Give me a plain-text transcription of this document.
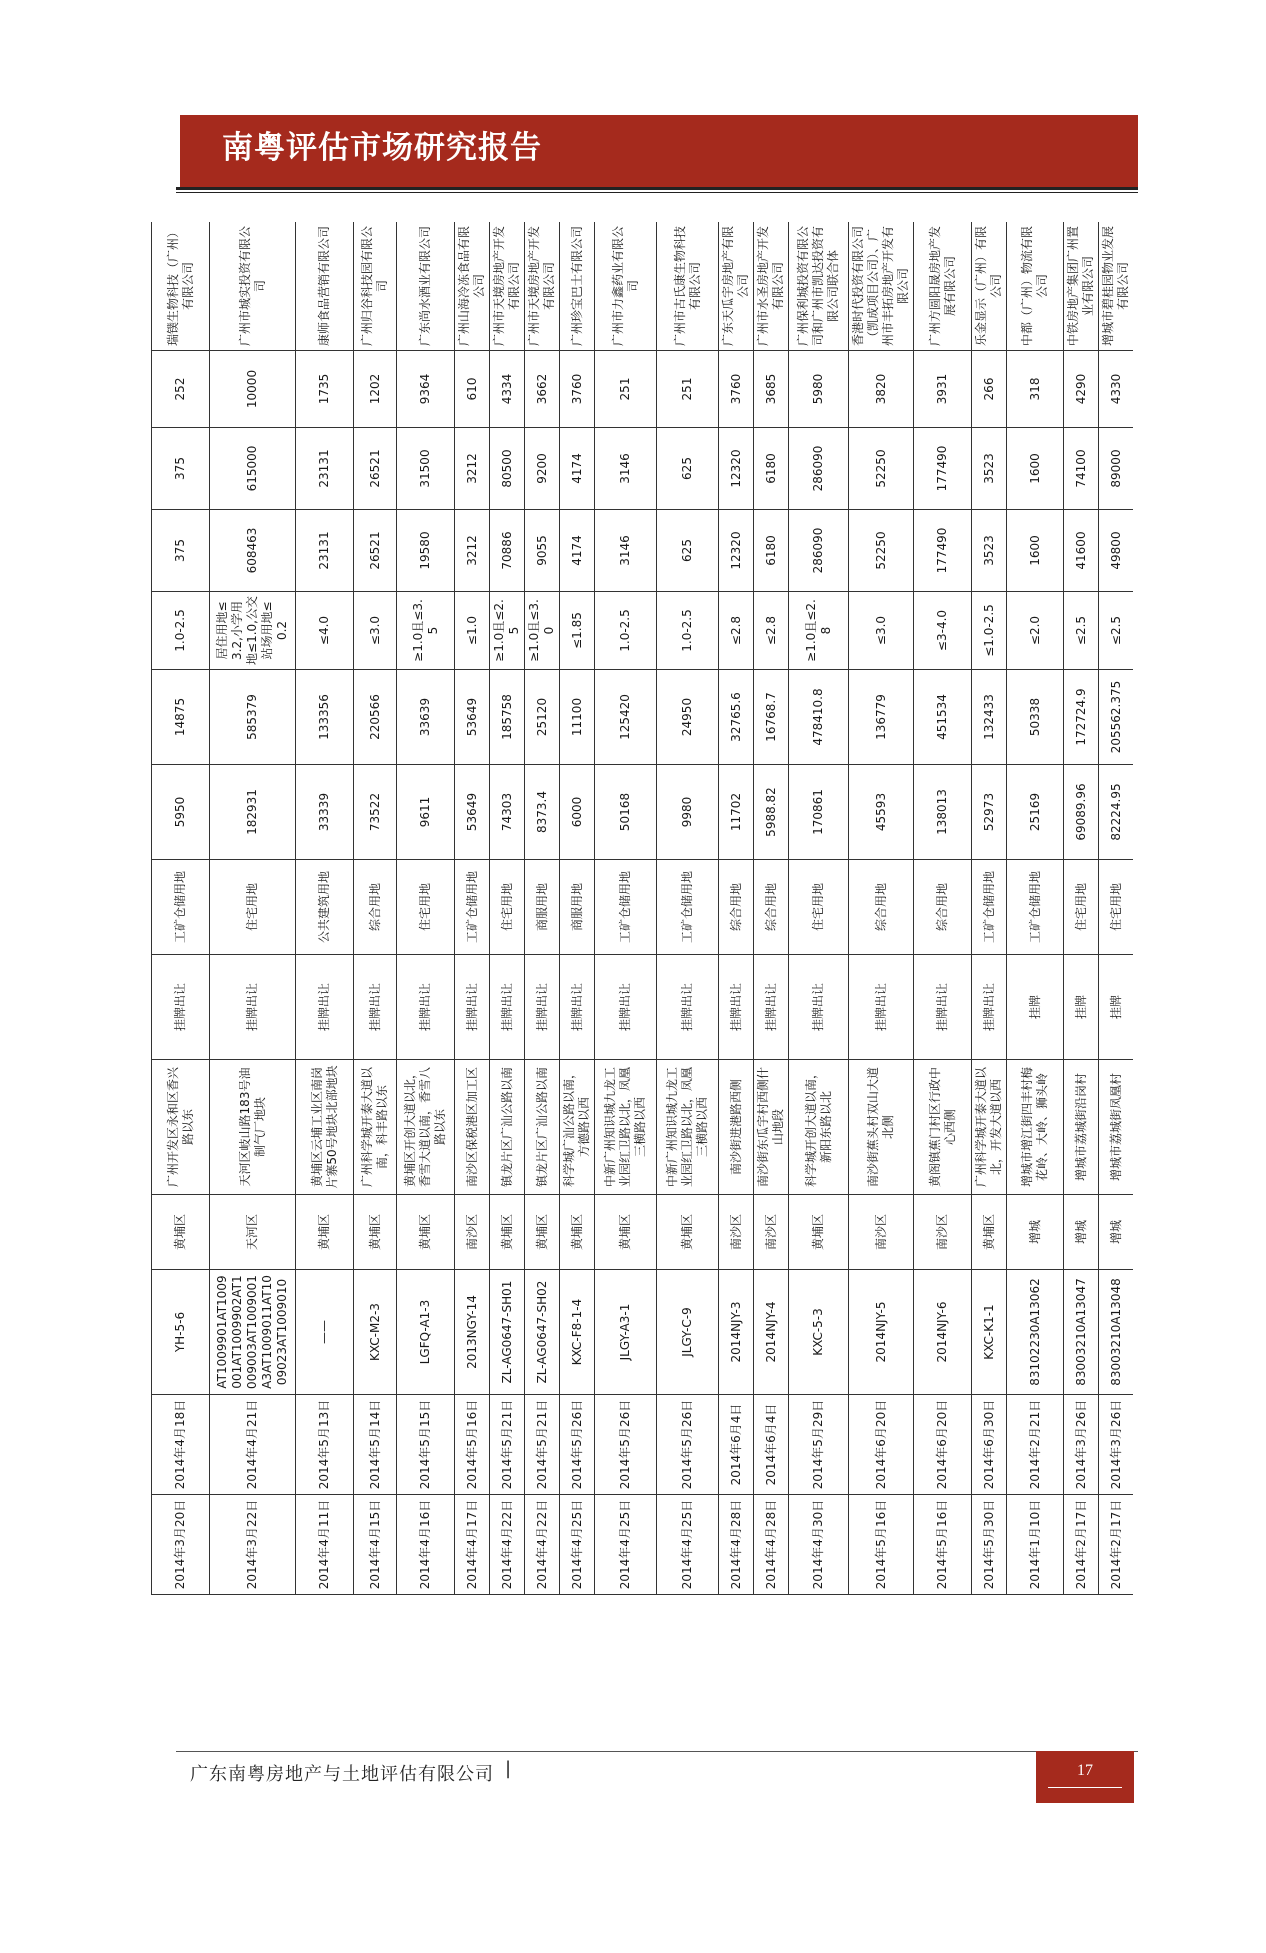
南粤评估市场研究报告
2014年3月20日	2014年4月18日	YH-5-6	黄埔区	广州开发区永和区香兴路以东	挂牌出让	工矿仓储用地	5950	14875	1.0-2.5	375	375	252	瑞镤生物科技（广州）有限公司
2014年3月22日	2014年4月21日	AT1009901AT1009001AT1009902AT1009003AT1009001A3AT1009011AT1009023AT1009010	天河区	天河区岐山路183号油制气厂地块	挂牌出让	住宅用地	182931	585379	居住用地≤3.2,小学用地≤1.0,公交站场用地≤0.2	608463	615000	10000	广州市城实投资有限公司
2014年4月11日	2014年5月13日	——	黄埔区	黄埔区云埔工业区南岗片寨50号地块北部地块	挂牌出让	公共建筑用地	33339	133356	≤4.0	23131	23131	1735	康师食品营销有限公司
2014年4月15日	2014年5月14日	KXC-M2-3	黄埔区	广州科学城开泰大道以南，科丰路以东	挂牌出让	综合用地	73522	220566	≤3.0	26521	26521	1202	广州归谷科技园有限公司
2014年4月16日	2014年5月15日	LGFQ-A1-3	黄埔区	黄埔区开创大道以北，香雪大道以南，香雪八路以东	挂牌出让	住宅用地	9611	33639	≥1.0且≤3.5	19580	31500	9364	广东尚水酒业有限公司
2014年4月17日	2014年5月16日	2013NGY-14	南沙区	南沙区保税港区加工区	挂牌出让	工矿仓储用地	53649	53649	≤1.0	3212	3212	610	广州山海冷冻食品有限公司
2014年4月22日	2014年5月21日	ZL-AG0647-SH01	黄埔区	镇龙片区广汕公路以南	挂牌出让	住宅用地	74303	185758	≥1.0且≤2.5	70886	80500	4334	广州市天境房地产开发有限公司
2014年4月22日	2014年5月21日	ZL-AG0647-SH02	黄埔区	镇龙片区广汕公路以南	挂牌出让	商服用地	8373.4	25120	≥1.0且≤3.0	9055	9200	3662	广州市天境房地产开发有限公司
2014年4月25日	2014年5月26日	KXC-F8-1-4	黄埔区	科学城广汕公路以南，方德路以西	挂牌出让	商服用地	6000	11100	≤1.85	4174	4174	3760	广州珍宝巴士有限公司
2014年4月25日	2014年5月26日	JLGY-A3-1	黄埔区	中新广州知识城九龙工业园红卫路以北，凤凰三横路以西	挂牌出让	工矿仓储用地	50168	125420	1.0-2.5	3146	3146	251	广州市力鑫药业有限公司
2014年4月25日	2014年5月26日	JLGY-C-9	黄埔区	中新广州知识城九龙工业园红卫路以北，凤凰三横路以西	挂牌出让	工矿仓储用地	9980	24950	1.0-2.5	625	625	251	广州市古氏康生物科技有限公司
2014年4月28日	2014年6月4日	2014NJY-3	南沙区	南沙街进港路西侧	挂牌出让	综合用地	11702	32765.6	≤2.8	12320	12320	3760	广东天瓜宇房地产有限公司
2014年4月28日	2014年6月4日	2014NJY-4	南沙区	南沙街东瓜宇村西侧什山地段	挂牌出让	综合用地	5988.82	16768.7	≤2.8	6180	6180	3685	广州市水圣房地产开发有限公司
2014年4月30日	2014年5月29日	KXC-5-3	黄埔区	科学城开创大道以南，新阳东路以北	挂牌出让	住宅用地	170861	478410.8	≥1.0且≤2.8	286090	286090	5980	广州保利城投资有限公司和广州市凯达投资有限公司联合体
2014年5月16日	2014年6月20日	2014NJY-5	南沙区	南沙街蕉头村双山大道北侧	挂牌出让	综合用地	45593	136779	≤3.0	52250	52250	3820	香港时代投资有限公司（凯成项目公司）、广州市丰拓房地产开发有限公司
2014年5月16日	2014年6月20日	2014NJY-6	南沙区	黄阁镇蕉门村区行政中心西侧	挂牌出让	综合用地	138013	451534	≤3-4.0	177490	177490	3931	广州方圆阳晟房地产发展有限公司
2014年5月30日	2014年6月30日	KXC-K1-1	黄埔区	广州科学城开泰大道以北，开发大道以西	挂牌出让	工矿仓储用地	52973	132433	≤1.0-2.5	3523	3523	266	乐金显示（广州）有限公司
2014年1月10日	2014年2月21日	83102230A13062	增城	增城市增江街四丰村梅花岭、大岭、狮头岭	挂牌	工矿仓储用地	25169	50338	≤2.0	1600	1600	318	中都（广州）物流有限公司
2014年2月17日	2014年3月26日	83003210A13047	增城	增城市荔城街沿岗村	挂牌	住宅用地	69089.96	172724.9	≤2.5	41600	74100	4290	中铁房地产集团广州置业有限公司
2014年2月17日	2014年3月26日	83003210A13048	增城	增城市荔城街凤凰村	挂牌	住宅用地	82224.95	205562.375	≤2.5	49800	89000	4330	增城市碧桂园物业发展有限公司
广东南粤房地产与土地评估有限公司 |	17
